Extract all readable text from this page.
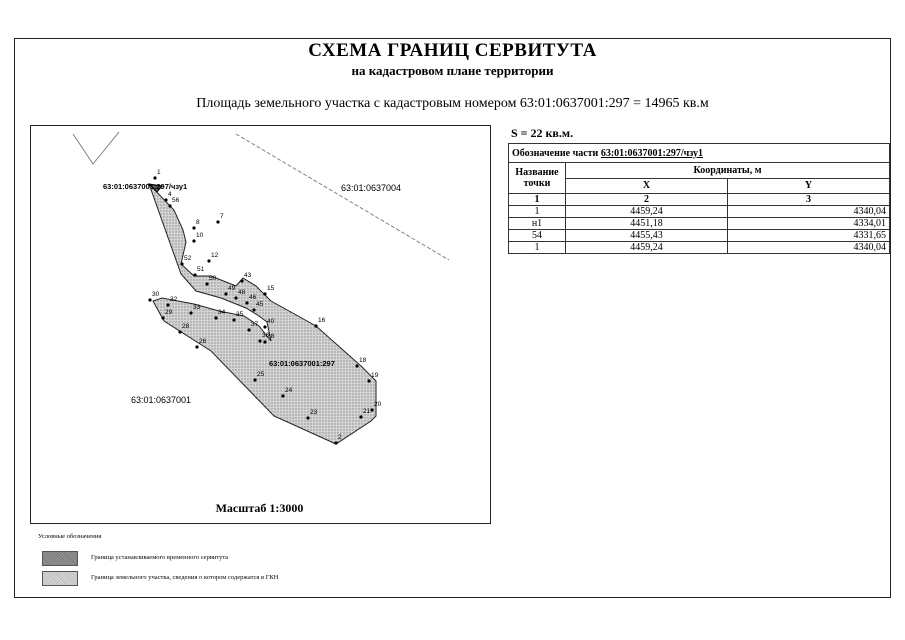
СХЕМА ГРАНИЦ СЕРВИТУТА
на кадастровом плане территории
Площадь земельного участка с кадастровым номером 63:01:0637001:297 = 14965 кв.м
1
4
56
7
8
10
12
52
51
50
49
48
46
45
43
15
40	16
38
37
36
35
34
33
32
30
29
28
26
25
24
23
2
21
20
19
18
63:01:0637001:297/чзу1	63:01:0637004
63:01:0637001
63:01:0637001:297
Масштаб 1:3000
S = 22 кв.м.
Обозначение части 63:01:0637001:297/чзу1		
Название точки	Координаты, м	
	X	Y
1	2	3
1	4459,24	4340,04
н1	4451,18	4334,01
54	4455,43	4331,65
1	4459,24	4340,04
Условные обозначения
Граница устанавливаемого временного сервитута
Граница земельного участка, сведения о котором содержатся в ГКН
